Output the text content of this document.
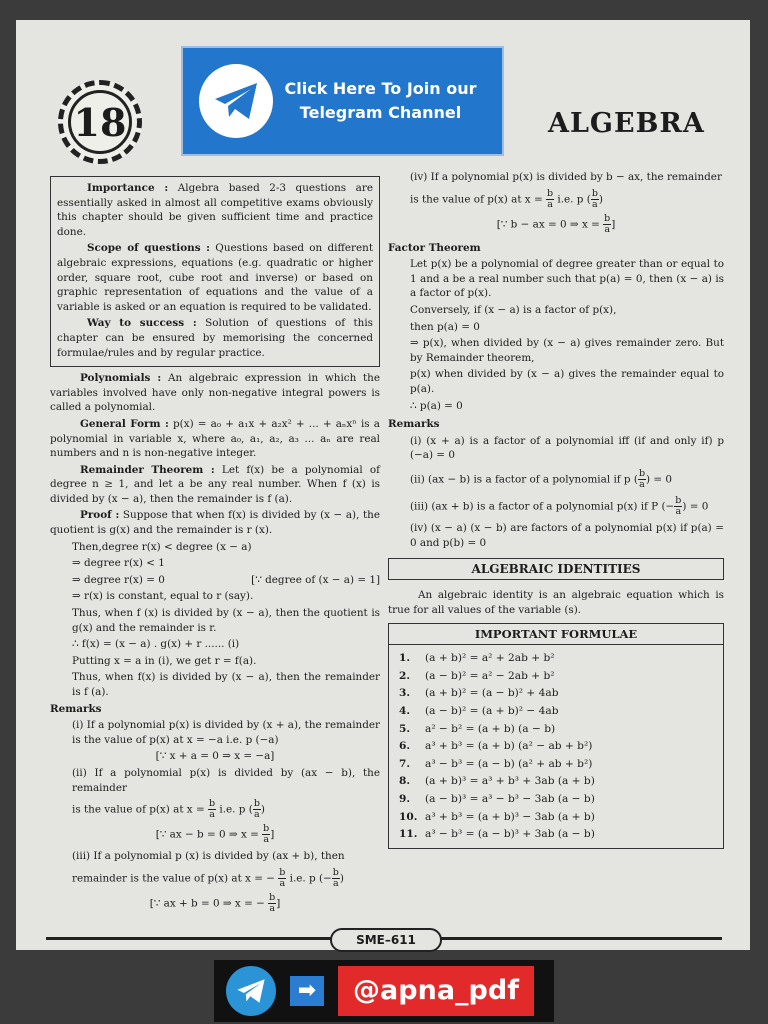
18
Click Here To Join our
Telegram Channel	ALGEBRA

Importance : Algebra based 2-3 questions are essentially asked in almost all competitive exams obviously this chapter should be given sufficient time and practice done.

Scope of questions : Questions based on different algebraic expressions, equations (e.g. quadratic or higher order, square root, cube root and inverse) or based on graphic representation of equations and the value of a variable is asked or an equation is required to be validated.

Way to success : Solution of questions of this chapter can be ensured by memorising the concerned formulae/rules and by regular practice.

Polynomials : An algebraic expression in which the variables involved have only non-negative integral powers is called a polynomial.

General Form : p(x) = a₀ + a₁x + a₂x² + ... + aₙxⁿ is a polynomial in variable x, where a₀, a₁, a₂, a₃ ... aₙ are real numbers and n is non-negative integer.

Remainder Theorem : Let f(x) be a polynomial of degree n ≥ 1, and let a be any real number. When f (x) is divided by (x − a), then the remainder is f (a).

Proof : Suppose that when f(x) is divided by (x − a), the quotient is g(x) and the remainder is r (x).

Then,degree r(x) < degree (x − a)

⇒ degree r(x) < 1

⇒ degree r(x) = 0	[∵ degree of (x − a) = 1]

⇒ r(x) is constant, equal to r (say).

Thus, when f (x) is divided by (x − a), then the quotient is g(x) and the remainder is r.

∴ f(x) = (x − a) . g(x) + r ...... (i)

Putting x = a in (i), we get r = f(a).

Thus, when f(x) is divided by (x − a), then the remainder is f (a).

Remarks

(i) If a polynomial p(x) is divided by (x + a), the remainder is the value of p(x) at x = −a i.e. p (−a)

[∵ x + a = 0 ⇒ x = −a]

(ii) If a polynomial p(x) is divided by (ax − b), the remainder

is the value of p(x) at $x = \frac{b}{a} i.e$. p ( $\frac{b}{a}$ )

[∵ ax − b = 0 ⇒ $x = \frac{b}{a}$ ]

(iii) If a polynomial p (x) is divided by (ax + b), then

remainder is the value of p(x) at x = − $\frac{b}{a} i.e$. p (− $\frac{b}{a}$ )

[∵ ax + b = 0 ⇒ x = − $\frac{b}{a}$ ]

(iv) If a polynomial p(x) is divided by b − ax, the remainder

is the value of p(x) at $x = \frac{b}{a} i.e$. p ( $\frac{b}{a}$ )

[∵ b − ax = 0 ⇒ $x = \frac{b}{a}$ ]

Factor Theorem

Let p(x) be a polynomial of degree greater than or equal to 1 and a be a real number such that p(a) = 0, then (x − a) is a factor of p(x).

Conversely, if (x − a) is a factor of p(x),

then p(a) = 0

⇒ p(x), when divided by (x − a) gives remainder zero. But by Remainder theorem,

p(x) when divided by (x − a) gives the remainder equal to p(a).

∴ p(a) = 0

Remarks

(i) (x + a) is a factor of a polynomial iff (if and only if) p (−a) = 0

(ii) (ax − b) is a factor of a polynomial if p ( $\frac{b}{a}$ ) = 0

(iii) (ax + b) is a factor of a polynomial p(x) if P (− $\frac{b}{a}$ ) = 0

(iv) (x − a) (x − b) are factors of a polynomial p(x) if p(a) = 0 and p(b) = 0

ALGEBRAIC IDENTITIES

An algebraic identity is an algebraic equation which is true for all values of the variable (s).

IMPORTANT FORMULAE
1. (a + b)² = a² + 2ab + b²
2. (a − b)² = a² − 2ab + b²
3. (a + b)² = (a − b)² + 4ab
4. (a − b)² = (a + b)² − 4ab
5. a² − b² = (a + b) (a − b)
6. a³ + b³ = (a + b) (a² − ab + b²)
7. a³ − b³ = (a − b) (a² + ab + b²)
8. (a + b)³ = a³ + b³ + 3ab (a + b)
9. (a − b)³ = a³ − b³ − 3ab (a − b)
10. a³ + b³ = (a + b)³ − 3ab (a + b)
11. a³ − b³ = (a − b)³ + 3ab (a − b)
SME–611
➡	@apna_pdf
